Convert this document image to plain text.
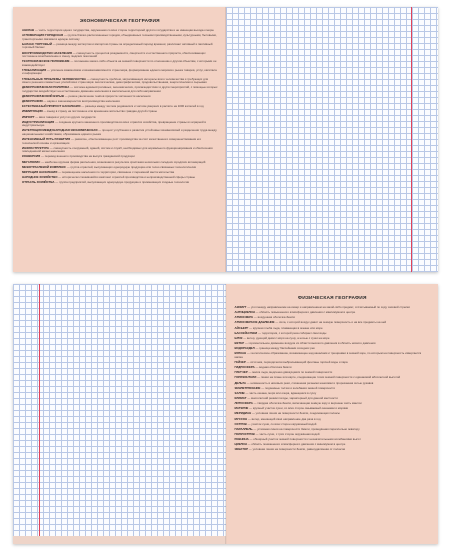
ЭКОНОМИЧЕСКАЯ ГЕОГРАФИЯ
АНКЛАВ — часть территории одного государства, окруженная со всех сторон территорией другого государства и не имеющая выхода к морю
АГЛОМЕРАЦИЯ ГОРОДСКАЯ — группа близко расположенных городов, объединённых тесными производственными, культурными, бытовыми, транспортными связями в единую систему
БАЛАНС ТОРГОВЫЙ — разница между экспортом и импортом страны за определённый период времени; различают активный и пассивный торговый баланс
ВОСПРОИЗВОДСТВО НАСЕЛЕНИЯ — совокупность процессов рождаемости, смертности и естественного прироста, обеспечивающих постоянное возобновление и смену людских поколений
ГЕОГРАФИЧЕСКОЕ ПОЛОЖЕНИЕ — положение какого-либо объекта на земной поверхности по отношению к другим объектам, с которыми он взаимодействует
ГЛОБАЛИЗАЦИЯ — усиление взаимосвязи и взаимозависимости стран мира, формирование единого мирового рынка товаров, услуг, капитала и информации
ГЛОБАЛЬНЫЕ ПРОБЛЕМЫ ЧЕЛОВЕЧЕСТВА — совокупность проблем, затрагивающих интересы всего человечества и требующих для своего решения совместных усилий всех стран мира: экологическая, демографическая, продовольственная, энергетическая и сырьевая
ДЕМОГРАФИЧЕСКАЯ ПОЛИТИКА — система административных, экономических, пропагандистских и других мероприятий, с помощью которых государство воздействует на естественное движение населения в желательном для себя направлении
ДЕМОГРАФИЧЕСКИЙ ВЗРЫВ — резкое увеличение темпов прироста численности населения
ДЕМОГРАФИЯ — наука о закономерностях воспроизводства населения
ЕСТЕСТВЕННЫЙ ПРИРОСТ НАСЕЛЕНИЯ — разница между числом родившихся и числом умерших в расчёте на 1000 жителей в год
ИММИГРАЦИЯ — въезд в страну на постоянное или временное жительство граждан другой страны
ИМПОРТ — ввоз товаров и услуг из других государств
ИНДУСТРИАЛИЗАЦИЯ — создание крупного машинного производства во всех отраслях хозяйства, превращение страны из аграрной в индустриальную
ИНТЕГРАЦИЯ МЕЖДУНАРОДНАЯ ЭКОНОМИЧЕСКАЯ — процесс углубления и развития устойчивых взаимосвязей и разделения труда между национальными хозяйствами, образование единого рынка
ИНТЕНСИВНЫЙ ПУТЬ РАЗВИТИЯ — развитие, обеспечивающее рост производства за счёт качественного совершенствования его технической основы и организации
ИНФРАСТРУКТУРА — совокупность сооружений, зданий, систем и служб, необходимых для нормального функционирования и обеспечения повседневной жизни населения
КОНВЕРСИЯ — перевод военного производства на выпуск гражданской продукции
МЕГАПОЛИС — наиболее крупная форма расселения, возникшая в результате срастания нескольких соседних городских агломераций
МЕЖОТРАСЛЕВОЙ КОМПЛЕКС — группа отраслей, выпускающих однородную продукцию или тесно связанных технологически
МИГРАЦИЯ НАСЕЛЕНИЯ — перемещение населения по территории, связанное с переменой места жительства
НАРОДНОЕ ХОЗЯЙСТВО — исторически сложившийся комплекс отраслей производства и непроизводственной сферы страны
ОТРАСЛЬ ХОЗЯЙСТВА — группа предприятий, выпускающих однородную продукцию и применяющих сходные технологии
ФИЗИЧЕСКАЯ ГЕОГРАФИЯ
АЗИМУТ — угол между направлением на север и направлением на какой-либо предмет, отсчитываемый по ходу часовой стрелки
АНТИЦИКЛОН — область повышенного атмосферного давления с максимумом в центре
АТМОСФЕРА — воздушная оболочка Земли
АТМОСФЕРНОЕ ДАВЛЕНИЕ — сила, с которой воздух давит на земную поверхность и на все предметы на ней
АЙСБЕРГ — крупная глыба льда, плавающая в океане или море
БАССЕЙН РЕКИ — территория, с которой река собирает свои воды
БРИЗ — ветер, дующий днём с моря на сушу, а ночью с суши на море
ВЕТЕР — горизонтальное движение воздуха из области высокого давления в область низкого давления
ВОДОРАЗДЕЛ — граница между бассейнами соседних рек
ВУЛКАН — геологическое образование, возникающее над каналами и трещинами в земной коре, по которым на поверхность извергается магма
ГЕЙЗЕР — источник, периодически выбрасывающий фонтаны горячей воды и пара
ГИДРОСФЕРА — водная оболочка Земли
ГЛЕТЧЕР — масса льда, медленно движущаяся по земной поверхности
ГОРИЗОНТАЛИ — линии на плане или карте, соединяющие точки земной поверхности с одинаковой абсолютной высотой
ДЕЛЬТА — низменность в низовьях реки, сложенная речными наносами и прорезанная сетью рукавов
ЗЕМЛЕТРЯСЕНИЕ — подземные толчки и колебания земной поверхности
ЗАЛИВ — часть океана, моря или озера, вдающаяся в сушу
КЛИМАТ — многолетний режим погоды, характерный для данной местности
ЛИТОСФЕРА — твёрдая оболочка Земли, включающая земную кору и верхнюю часть мантии
МАТЕРИК — крупный участок суши, со всех сторон омываемый океанами и морями
МЕРИДИАН — условная линия на поверхности Земли, соединяющая полюсы
МУССОН — ветер, меняющий своё направление два раза в год
ОСТРОВ — участок суши, со всех сторон окружённый водой
ПАРАЛЛЕЛЬ — условная линия на поверхности Земли, проведённая параллельно экватору
ПОЛУОСТРОВ — часть суши, с трёх сторон окружённая водой
РАВНИНА — обширный участок земной поверхности с незначительными колебаниями высот
ЦИКЛОН — область пониженного атмосферного давления с минимумом в центре
ЭКВАТОР — условная линия на поверхности Земли, равноудалённая от полюсов
